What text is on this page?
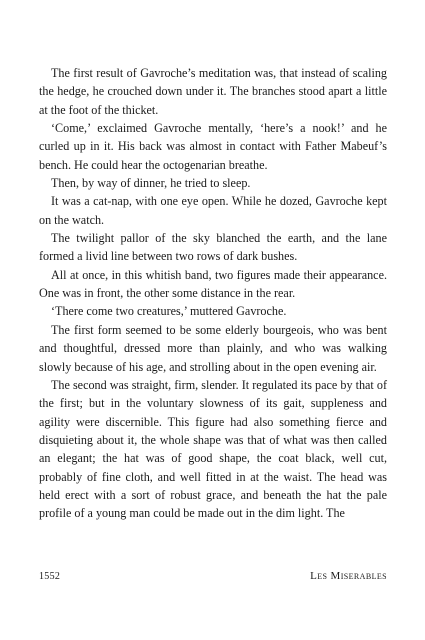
The first result of Gavroche’s meditation was, that instead of scaling the hedge, he crouched down under it. The branches stood apart a little at the foot of the thicket.

‘Come,’ exclaimed Gavroche mentally, ‘here’s a nook!’ and he curled up in it. His back was almost in contact with Father Mabeuf’s bench. He could hear the octogenarian breathe.

Then, by way of dinner, he tried to sleep.

It was a cat-nap, with one eye open. While he dozed, Gavroche kept on the watch.

The twilight pallor of the sky blanched the earth, and the lane formed a livid line between two rows of dark bushes.

All at once, in this whitish band, two figures made their appearance. One was in front, the other some distance in the rear.

‘There come two creatures,’ muttered Gavroche.

The first form seemed to be some elderly bourgeois, who was bent and thoughtful, dressed more than plainly, and who was walking slowly because of his age, and strolling about in the open evening air.

The second was straight, firm, slender. It regulated its pace by that of the first; but in the voluntary slowness of its gait, suppleness and agility were discernible. This figure had also something fierce and disquieting about it, the whole shape was that of what was then called an elegant; the hat was of good shape, the coat black, well cut, probably of fine cloth, and well fitted in at the waist. The head was held erect with a sort of robust grace, and beneath the hat the pale profile of a young man could be made out in the dim light. The

1552	Les Miserables
